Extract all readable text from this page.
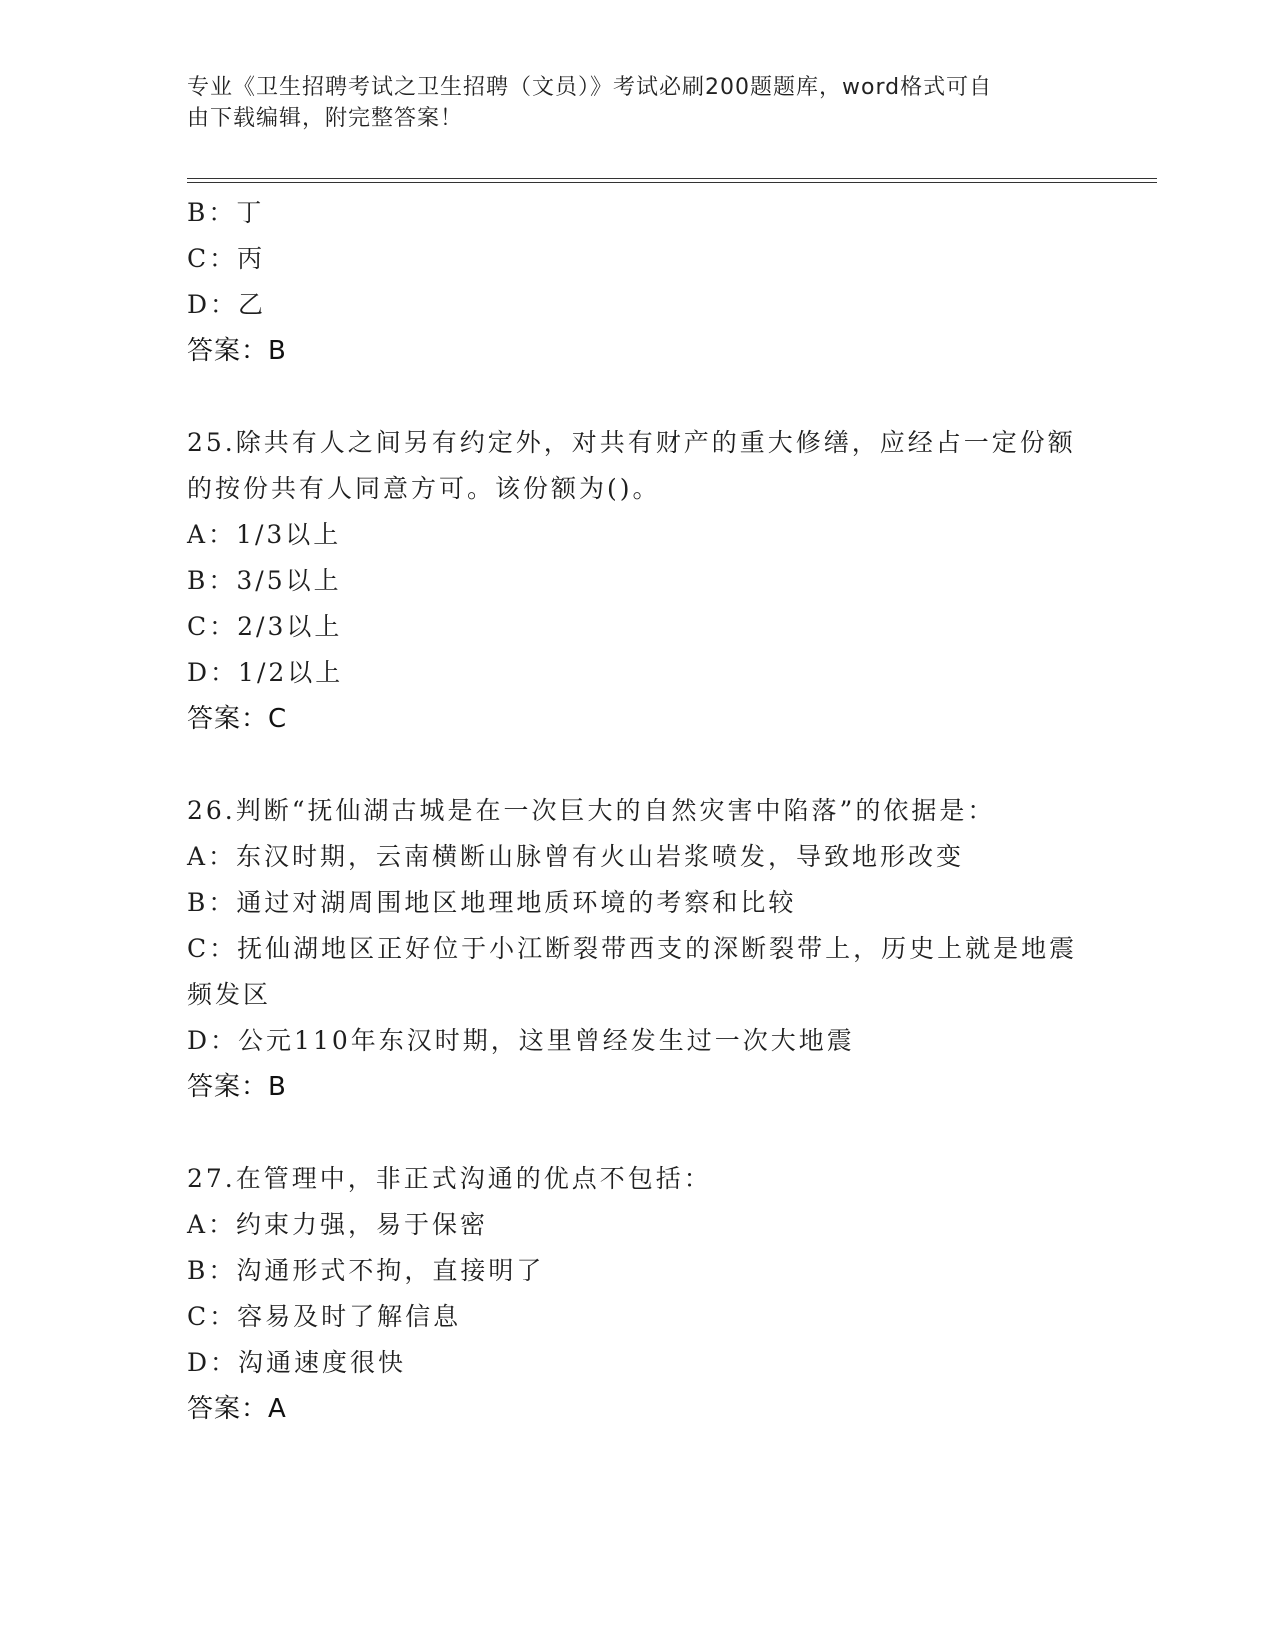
专业《卫生招聘考试之卫生招聘（文员）》考试必刷200题题库，word格式可自
由下载编辑，附完整答案！
B：丁
C：丙
D：乙
答案：B
25.除共有人之间另有约定外，对共有财产的重大修缮，应经占一定份额的按份共有人同意方可。该份额为()。
A：1/3以上
B：3/5以上
C：2/3以上
D：1/2以上
答案：C
26.判断“抚仙湖古城是在一次巨大的自然灾害中陷落”的依据是：
A：东汉时期，云南横断山脉曾有火山岩浆喷发，导致地形改变
B：通过对湖周围地区地理地质环境的考察和比较
C：抚仙湖地区正好位于小江断裂带西支的深断裂带上，历史上就是地震频发区
D：公元110年东汉时期，这里曾经发生过一次大地震
答案：B
27.在管理中，非正式沟通的优点不包括：
A：约束力强，易于保密
B：沟通形式不拘，直接明了
C：容易及时了解信息
D：沟通速度很快
答案：A
